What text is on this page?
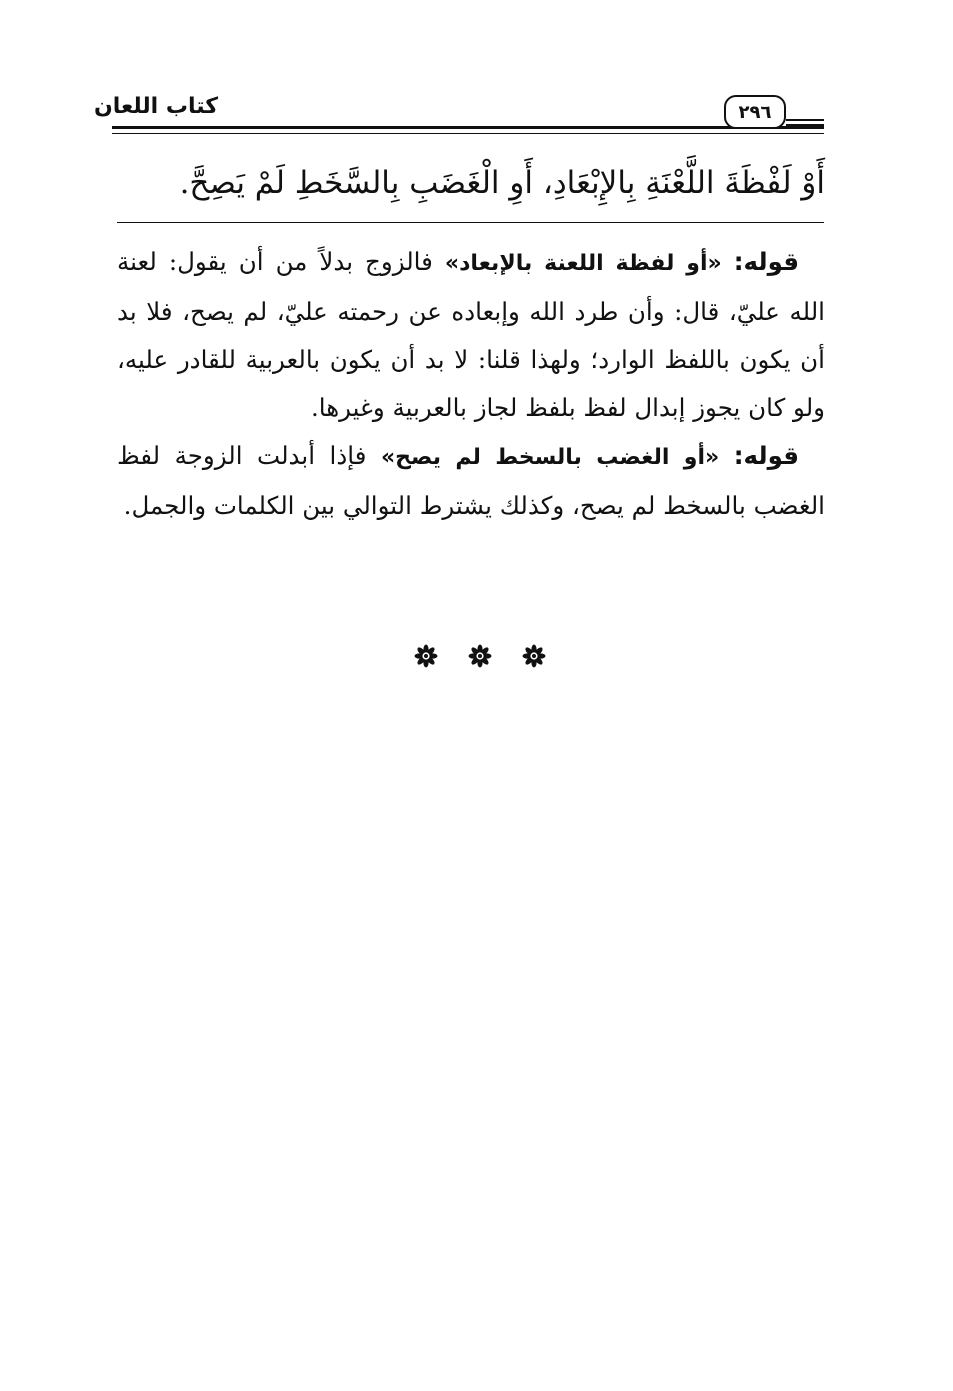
كتاب اللعان	٢٩٦
أَوْ لَفْظَةَ اللَّعْنَةِ بِالإِبْعَادِ، أَوِ الْغَضَبِ بِالسَّخَطِ لَمْ يَصِحَّ.

قوله: «أو لفظة اللعنة بالإبعاد» فالزوج بدلاً من أن يقول: لعنة الله عليّ، قال: وأن طرد الله وإبعاده عن رحمته عليّ، لم يصح، فلا بد أن يكون باللفظ الوارد؛ ولهذا قلنا: لا بد أن يكون بالعربية للقادر عليه، ولو كان يجوز إبدال لفظ بلفظ لجاز بالعربية وغيرها.

قوله: «أو الغضب بالسخط لم يصح» فإذا أبدلت الزوجة لفظ الغضب بالسخط لم يصح، وكذلك يشترط التوالي بين الكلمات والجمل.
